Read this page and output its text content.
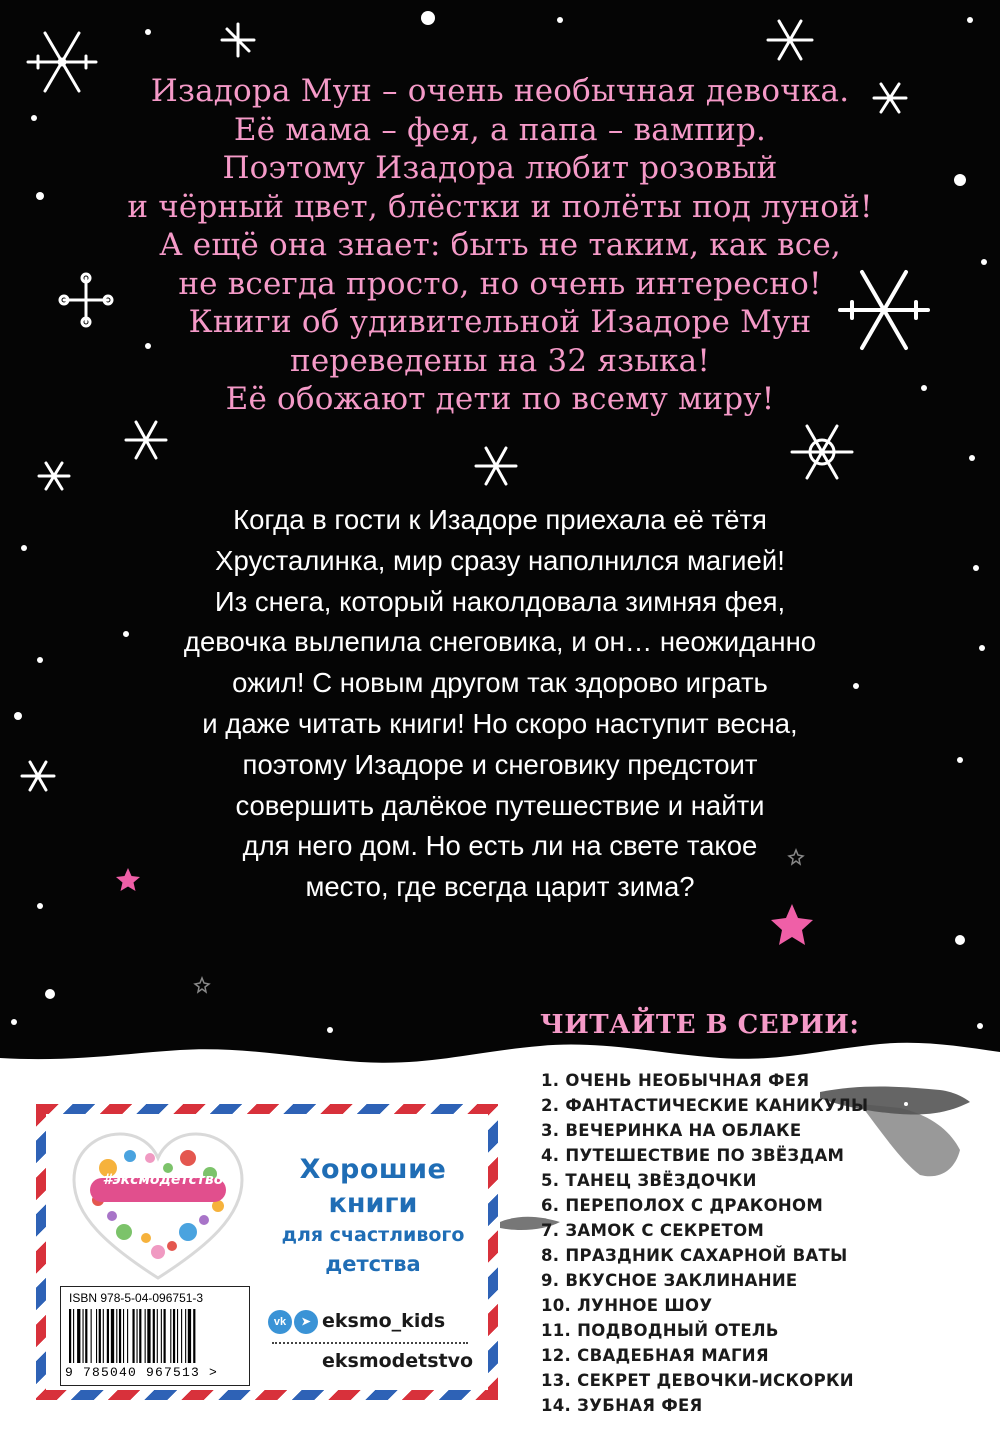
Изадора Мун – очень необычная девочка.
Её мама – фея, а папа – вампир.
Поэтому Изадора любит розовый
и чёрный цвет, блёстки и полёты под луной!
А ещё она знает: быть не таким, как все,
не всегда просто, но очень интересно!
Книги об удивительной Изадоре Мун
переведены на 32 языка!
Её обожают дети по всему миру!
Когда в гости к Изадоре приехала её тётя
Хрусталинка, мир сразу наполнился магией!
Из снега, который наколдовала зимняя фея,
девочка вылепила снеговика, и он… неожиданно
ожил! С новым другом так здорово играть
и даже читать книги! Но скоро наступит весна,
поэтому Изадоре и снеговику предстоит
совершить далёкое путешествие и найти
для него дом. Но есть ли на свете такое
место, где всегда царит зима?
ЧИТАЙТЕ В СЕРИИ:
1. ОЧЕНЬ НЕОБЫЧНАЯ ФЕЯ
2. ФАНТАСТИЧЕСКИЕ КАНИКУЛЫ
3. ВЕЧЕРИНКА НА ОБЛАКЕ
4. ПУТЕШЕСТВИЕ ПО ЗВЁЗДАМ
5. ТАНЕЦ ЗВЁЗДОЧКИ
6. ПЕРЕПОЛОХ С ДРАКОНОМ
7. ЗАМОК С СЕКРЕТОМ
8. ПРАЗДНИК САХАРНОЙ ВАТЫ
9. ВКУСНОЕ ЗАКЛИНАНИЕ
10. ЛУННОЕ ШОУ
11. ПОДВОДНЫЙ ОТЕЛЬ
12. СВАДЕБНАЯ МАГИЯ
13. СЕКРЕТ ДЕВОЧКИ-ИСКОРКИ
14. ЗУБНАЯ ФЕЯ
#эксмодетство	Хорошие
книги
для счастливого
детства
ISBN 978-5-04-096751-3
9 785040 967513 >
vk	➤ eksmo_kids
eksmodetstvo
